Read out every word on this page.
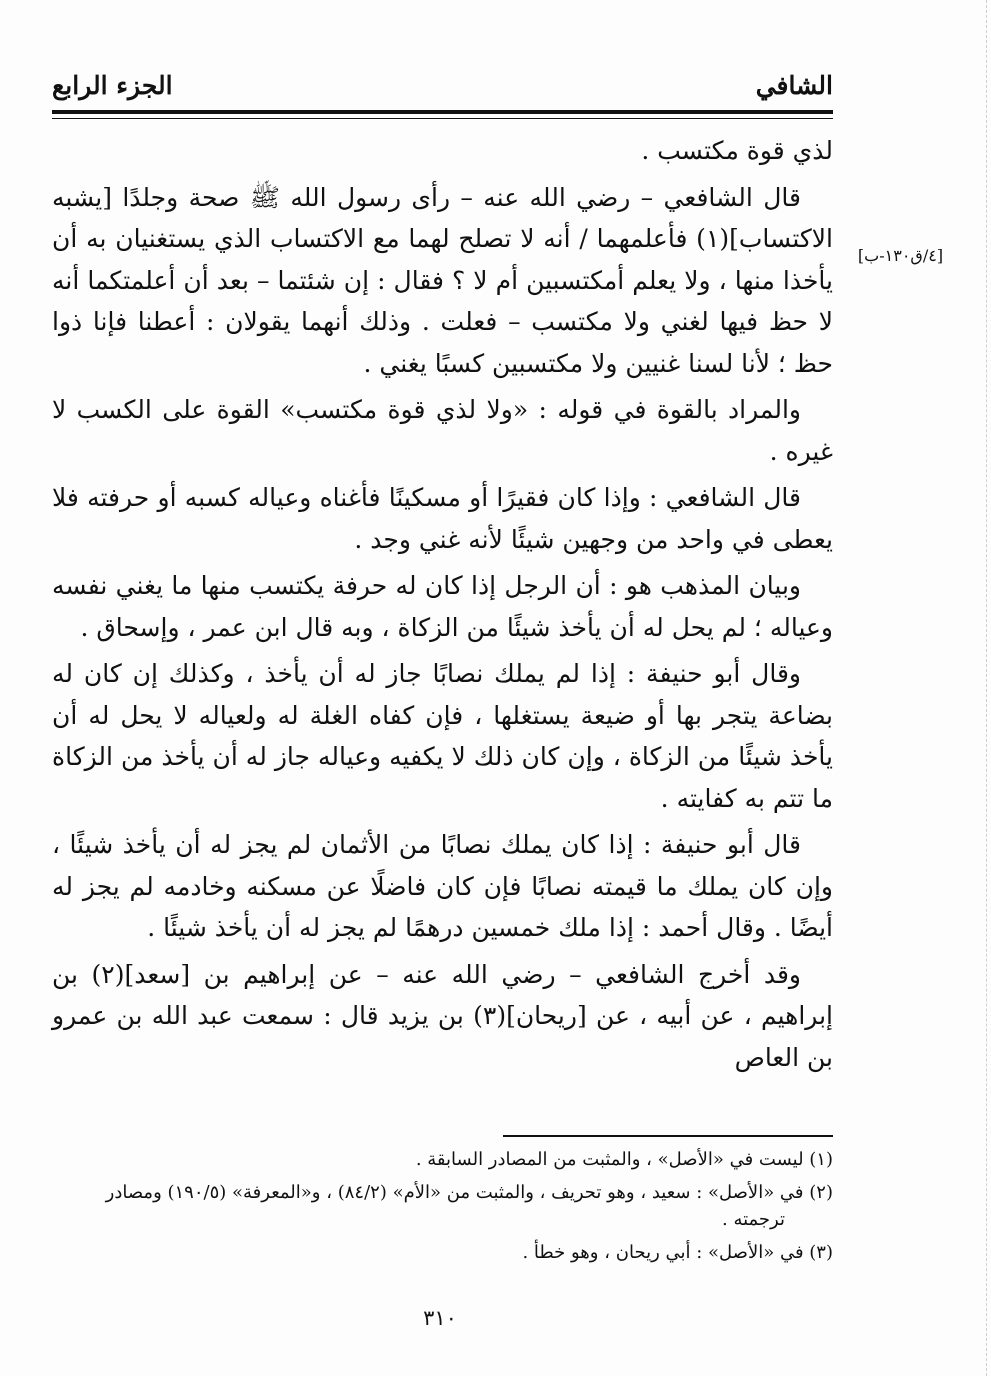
الجزء الرابع	الشافي
[٤/ق١٣٠-ب]

لذي قوة مكتسب .

قال الشافعي – رضي الله عنه – رأى رسول الله ﷺ صحة وجلدًا [يشبه الاكتساب](١) فأعلمهما / أنه لا تصلح لهما مع الاكتساب الذي يستغنيان به أن يأخذا منها ، ولا يعلم أمكتسبين أم لا ؟ فقال : إن شئتما – بعد أن أعلمتكما أنه لا حظ فيها لغني ولا مكتسب – فعلت . وذلك أنهما يقولان : أعطنا فإنا ذوا حظ ؛ لأنا لسنا غنيين ولا مكتسبين كسبًا يغني .

والمراد بالقوة في قوله : «ولا لذي قوة مكتسب» القوة على الكسب لا غيره .

قال الشافعي : وإذا كان فقيرًا أو مسكينًا فأغناه وعياله كسبه أو حرفته فلا يعطى في واحد من وجهين شيئًا لأنه غني وجد .

وبيان المذهب هو : أن الرجل إذا كان له حرفة يكتسب منها ما يغني نفسه وعياله ؛ لم يحل له أن يأخذ شيئًا من الزكاة ، وبه قال ابن عمر ، وإسحاق .

وقال أبو حنيفة : إذا لم يملك نصابًا جاز له أن يأخذ ، وكذلك إن كان له بضاعة يتجر بها أو ضيعة يستغلها ، فإن كفاه الغلة له ولعياله لا يحل له أن يأخذ شيئًا من الزكاة ، وإن كان ذلك لا يكفيه وعياله جاز له أن يأخذ من الزكاة ما تتم به كفايته .

قال أبو حنيفة : إذا كان يملك نصابًا من الأثمان لم يجز له أن يأخذ شيئًا ، وإن كان يملك ما قيمته نصابًا فإن كان فاضلًا عن مسكنه وخادمه لم يجز له أيضًا . وقال أحمد : إذا ملك خمسين درهمًا لم يجز له أن يأخذ شيئًا .

وقد أخرج الشافعي – رضي الله عنه – عن إبراهيم بن [سعد](٢) بن إبراهيم ، عن أبيه ، عن [ريحان](٣) بن يزيد قال : سمعت عبد الله بن عمرو بن العاص

(١) ليست في «الأصل» ، والمثبت من المصادر السابقة .

(٢) في «الأصل» : سعيد ، وهو تحريف ، والمثبت من «الأم» (٨٤/٢) ، و«المعرفة» (١٩٠/٥) ومصادر

ترجمته .

(٣) في «الأصل» : أبي ريحان ، وهو خطأ .

٣١٠
